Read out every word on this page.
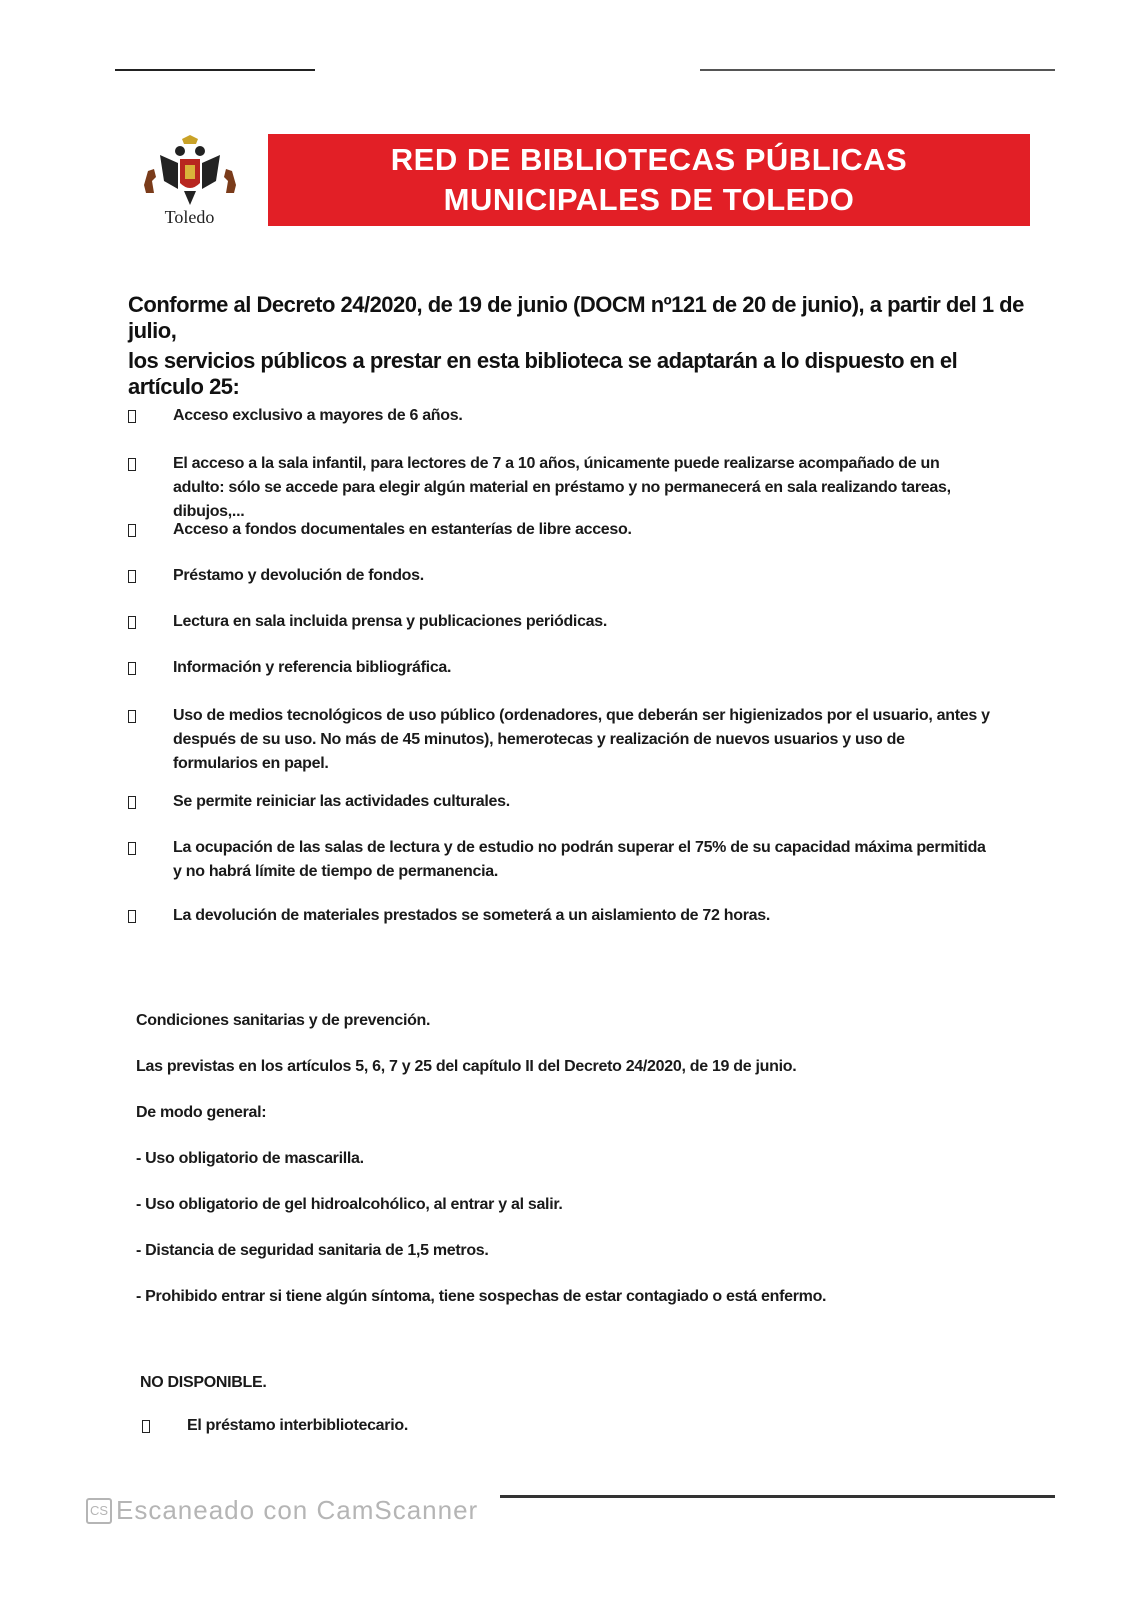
Toledo
RED DE BIBLIOTECAS PÚBLICAS
MUNICIPALES DE TOLEDO
Conforme al Decreto 24/2020, de 19 de junio (DOCM nº121 de 20 de junio), a partir del 1 de julio,
los servicios públicos a prestar en esta biblioteca se adaptarán a lo dispuesto en el artículo 25:
Acceso exclusivo a mayores de 6 años.
El acceso a la sala infantil, para lectores de 7 a 10 años, únicamente puede realizarse acompañado de un adulto: sólo se accede para elegir algún material en préstamo y no permanecerá en sala realizando tareas, dibujos,...
Acceso a fondos documentales en estanterías de libre acceso.
Préstamo y devolución de fondos.
Lectura en sala incluida prensa y publicaciones periódicas.
Información y referencia bibliográfica.
Uso de medios tecnológicos de uso público (ordenadores, que deberán ser higienizados por el usuario, antes y después de su uso. No más de 45 minutos), hemerotecas y realización de nuevos usuarios y uso de formularios en papel.
Se permite reiniciar las actividades culturales.
La ocupación de las salas de lectura y de estudio no podrán superar el 75% de su capacidad máxima permitida y no habrá límite de tiempo de permanencia.
La devolución de materiales prestados se someterá a un aislamiento de 72 horas.
Condiciones sanitarias y de prevención.
Las previstas en los artículos 5, 6, 7 y 25 del capítulo II del Decreto 24/2020, de 19 de junio.
De modo general:
- Uso obligatorio de mascarilla.
- Uso obligatorio de gel hidroalcohólico, al entrar y al salir.
- Distancia de seguridad sanitaria de 1,5 metros.
- Prohibido entrar si tiene algún síntoma, tiene sospechas de estar contagiado o está enfermo.
NO DISPONIBLE.
El préstamo interbibliotecario.
CS Escaneado con CamScanner
